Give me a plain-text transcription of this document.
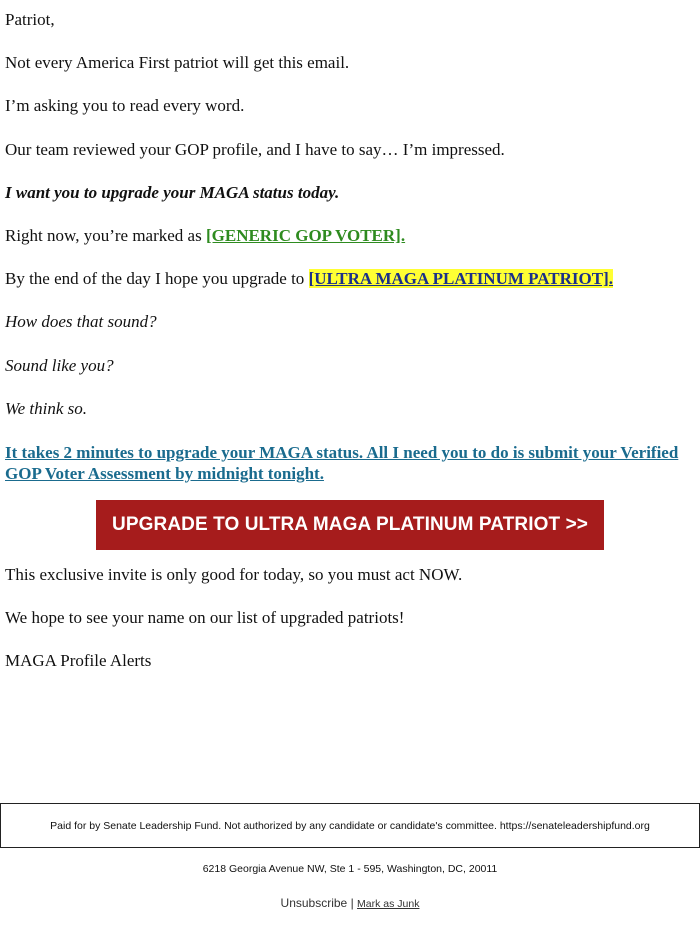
Patriot,

Not every America First patriot will get this email.

I’m asking you to read every word.

Our team reviewed your GOP profile, and I have to say… I’m impressed.

I want you to upgrade your MAGA status today.

Right now, you’re marked as [GENERIC GOP VOTER].

By the end of the day I hope you upgrade to [ULTRA MAGA PLATINUM PATRIOT].

How does that sound?

Sound like you?

We think so.

It takes 2 minutes to upgrade your MAGA status. All I need you to do is submit your Verified GOP Voter Assessment by midnight tonight.

This exclusive invite is only good for today, so you must act NOW.

We hope to see your name on our list of upgraded patriots!

MAGA Profile Alerts

UPGRADE TO ULTRA MAGA PLATINUM PATRIOT >>
Paid for by Senate Leadership Fund. Not authorized by any candidate or candidate's committee. https://senateleadershipfund.org
6218 Georgia Avenue NW, Ste 1 - 595, Washington, DC, 20011
Unsubscribe | Mark as Junk
